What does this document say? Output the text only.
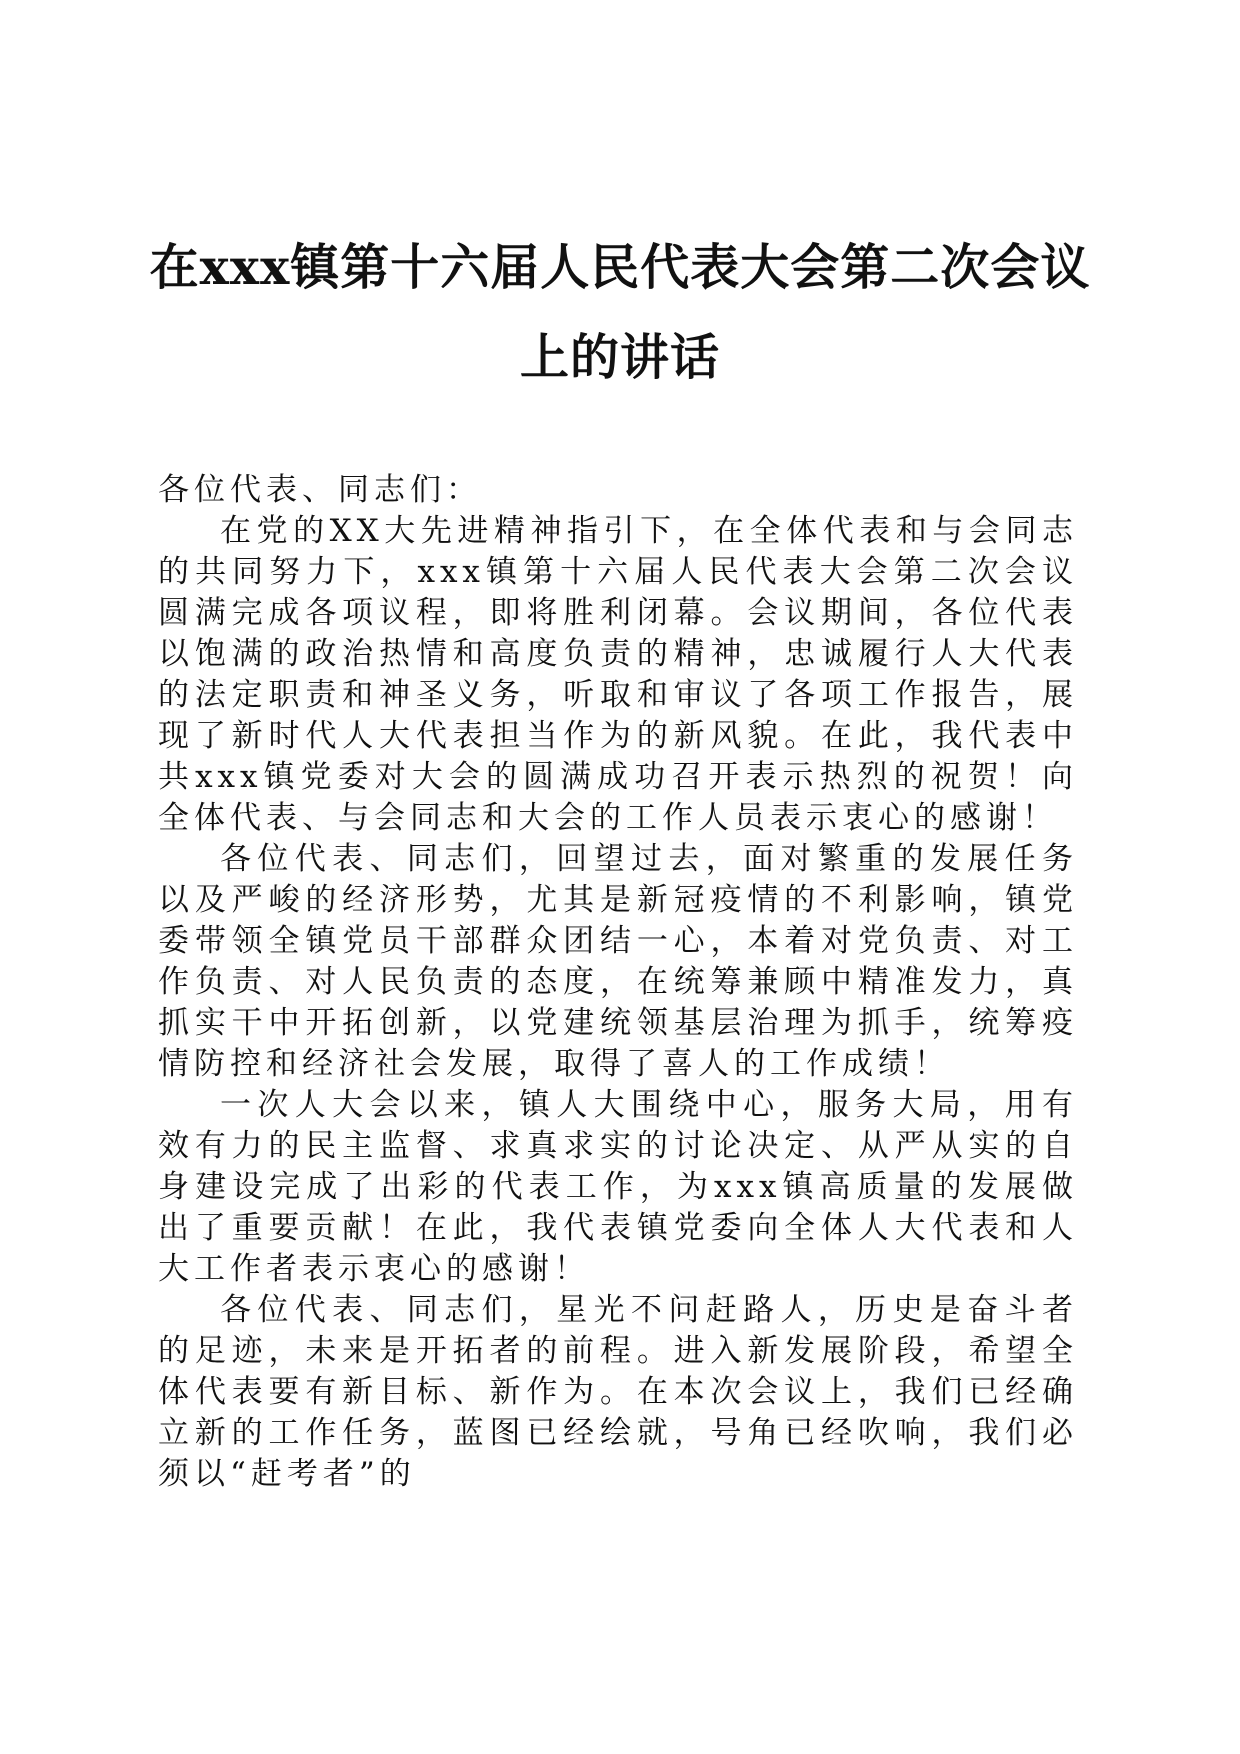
在xxx镇第十六届人民代表大会第二次会议上的讲话

各位代表、同志们：

在党的XX大先进精神指引下，在全体代表和与会同志的共同努力下，xxx镇第十六届人民代表大会第二次会议圆满完成各项议程，即将胜利闭幕。会议期间，各位代表以饱满的政治热情和高度负责的精神，忠诚履行人大代表的法定职责和神圣义务，听取和审议了各项工作报告，展现了新时代人大代表担当作为的新风貌。在此，我代表中共xxx镇党委对大会的圆满成功召开表示热烈的祝贺！向全体代表、与会同志和大会的工作人员表示衷心的感谢！

各位代表、同志们，回望过去，面对繁重的发展任务以及严峻的经济形势，尤其是新冠疫情的不利影响，镇党委带领全镇党员干部群众团结一心，本着对党负责、对工作负责、对人民负责的态度，在统筹兼顾中精准发力，真抓实干中开拓创新，以党建统领基层治理为抓手，统筹疫情防控和经济社会发展，取得了喜人的工作成绩！

一次人大会以来，镇人大围绕中心，服务大局，用有效有力的民主监督、求真求实的讨论决定、从严从实的自身建设完成了出彩的代表工作，为xxx镇高质量的发展做出了重要贡献！在此，我代表镇党委向全体人大代表和人大工作者表示衷心的感谢！

各位代表、同志们，星光不问赶路人，历史是奋斗者的足迹，未来是开拓者的前程。进入新发展阶段，希望全体代表要有新目标、新作为。在本次会议上，我们已经确立新的工作任务，蓝图已经绘就，号角已经吹响，我们必须以“赶考者”的
